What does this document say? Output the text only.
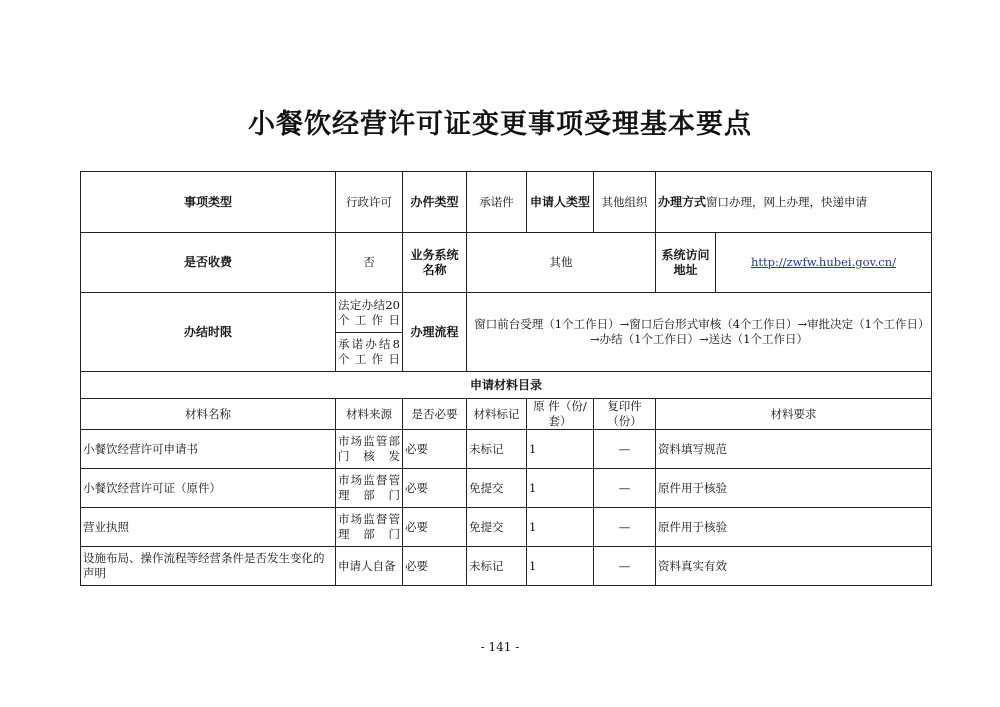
小餐饮经营许可证变更事项受理基本要点
事项类型	行政许可	办件类型	承诺件	申请人类型	其他组织	办理方式窗口办理，网上办理，快递申请	
是否收费	否	业务系统名称	其他			系统访问地址	http://zwfw.hubei.gov.cn/
办结时限	法定办结20个工作日	办理流程	窗口前台受理（1个工作日）→窗口后台形式审核（4个工作日）→审批决定（1个工作日）→办结（1个工作日）→送达（1个工作日）				
	承诺办结8个工作日						
申请材料目录							
材料名称	材料来源	是否必要	材料标记	原 件（份/套）	复印件（份）	材料要求	
小餐饮经营许可申请书	市场监管部门核发	必要	未标记	1	—	资料填写规范	
小餐饮经营许可证（原件）	市场监督管理部门	必要	免提交	1	—	原件用于核验	
营业执照	市场监督管理部门	必要	免提交	1	—	原件用于核验	
设施布局、操作流程等经营条件是否发生变化的声明	申请人自备	必要	未标记	1	—	资料真实有效	
- 141 -
